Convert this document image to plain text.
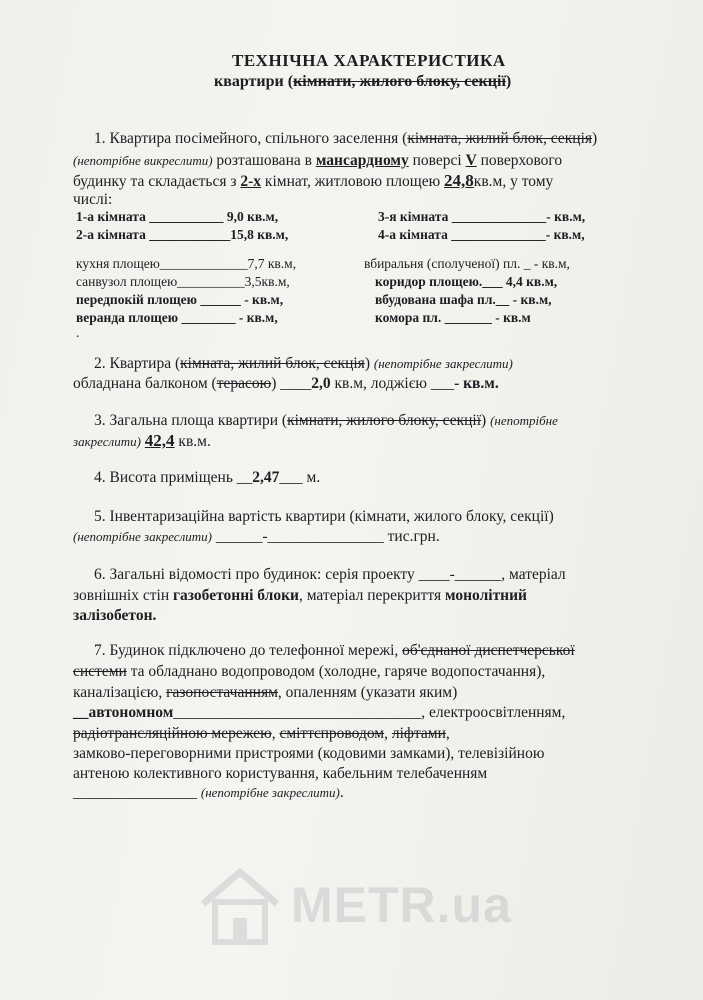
ТЕХНІЧНА ХАРАКТЕРИСТИКА
квартири (кімнати, жилого блоку, секції)
1. Квартира посімейного, спільного заселення (кімната, жилий блок, секція)
(непотрібне викреслити) розташована в мансардному поверсі V поверхового
будинку та складається з 2-х кімнат, житловою площею 24,8кв.м, у тому
числі:
1-а кімната ___________ 9,0 кв.м,
2-а кімната ____________15,8 кв.м,
3-я кімната ______________- кв.м,
4-а кімната ______________- кв.м,
кухня площею_____________7,7 кв.м,
санвузол площею__________3,5кв.м,
передпокій площею ______ - кв.м,
веранда площею ________ - кв.м,
.
вбиральня (сполученої) пл. _ - кв.м,
коридор площею.___ 4,4 кв.м,
вбудована шафа пл.__ - кв.м,
комора пл. _______ - кв.м
2. Квартира (кімната, жилий блок, секція) (непотрібне закреслити)
обладнана балконом (терасою) ____2,0 кв.м, лоджією ___- кв.м.
3. Загальна площа квартири (кімнати, жилого блоку, секції) (непотрібне
закреслити) 42,4 кв.м.
4. Висота приміщень __2,47___ м.
5. Інвентаризаційна вартість квартири (кімнати, жилого блоку, секції)
(непотрібне закреслити) ______-_______________ тис.грн.
6. Загальні відомості про будинок: серія проекту ____-______, матеріал
зовнішніх стін газобетонні блоки, матеріал перекриття монолітний
залізобетон.
7. Будинок підключено до телефонної мережі, об'єднаної диспетчерської
системи та обладнано водопроводом (холодне, гаряче водопостачання),
каналізацією, газопостачанням, опаленням (указати яким)
__автономном________________________________, електроосвітленням,
радіотрансляційною мережею, сміттєпроводом, ліфтами,
замково-переговорними пристроями (кодовими замками), телевізійною
антеною колективного користування, кабельним телебаченням
________________ (непотрібне закреслити).
METR.ua
